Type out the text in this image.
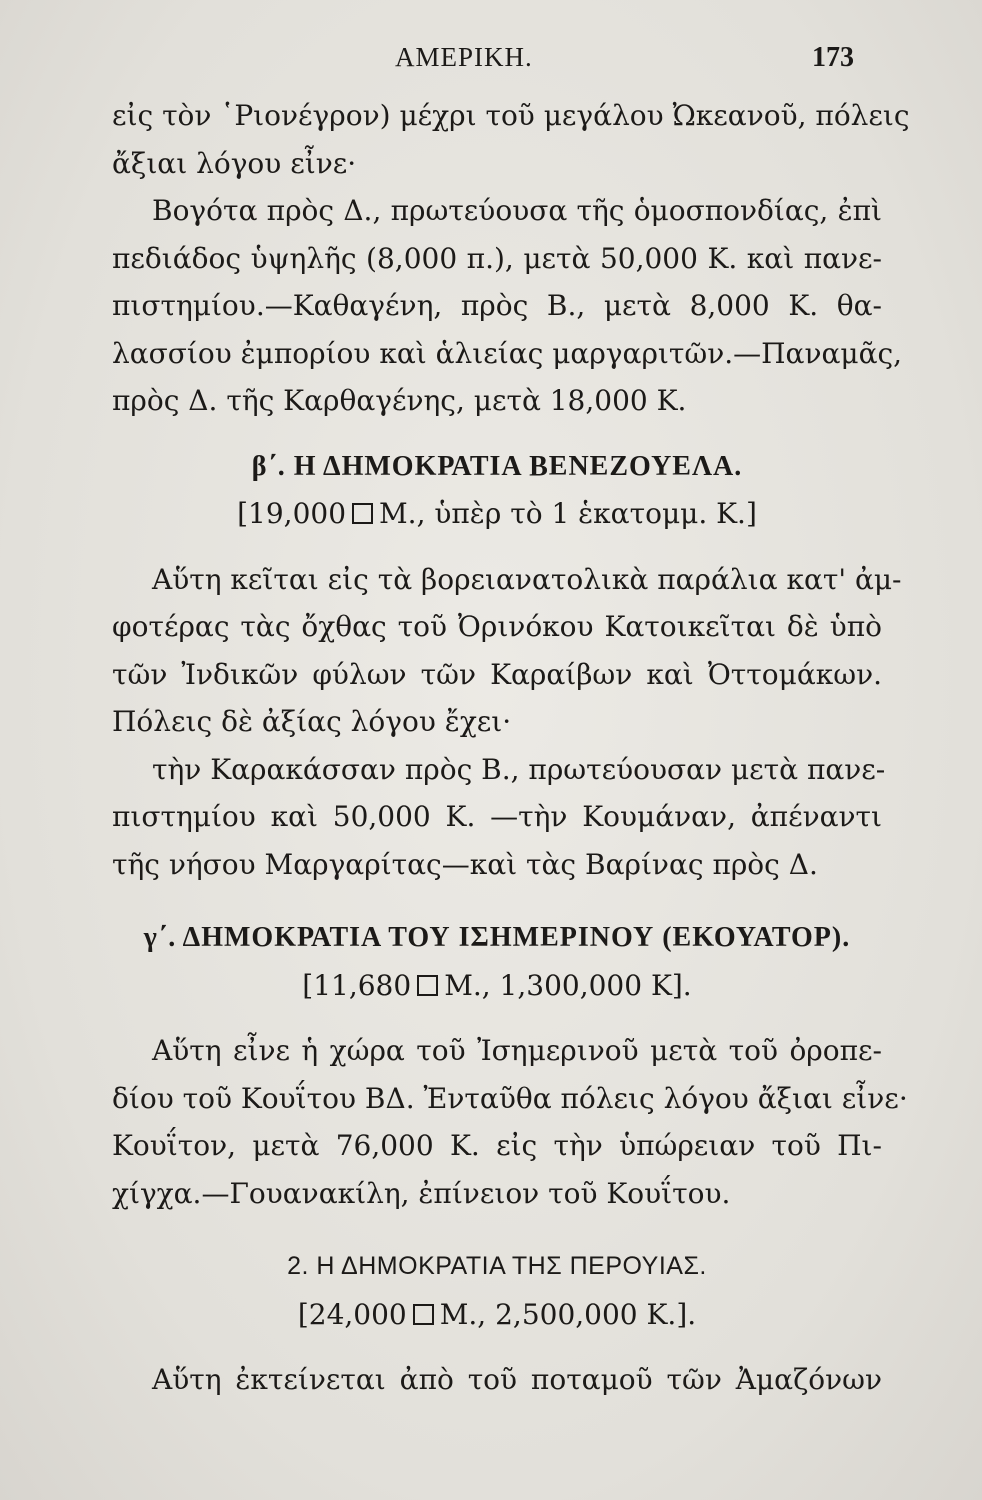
ΑΜΕΡΙΚΗ.	173
εἰς τὸν ῾Ριονέγρον) μέχρι τοῦ μεγάλου Ὠκεανοῦ, πόλεις
ἄξιαι λόγου εἶνε·
Βογότα πρὸς Δ., πρωτεύουσα τῆς ὁμοσπονδίας, ἐπὶ
πεδιάδος ὑψηλῆς (8,000 π.), μετὰ 50,000 Κ. καὶ πανε-
πιστημίου.—Καθαγένη, πρὸς Β., μετὰ 8,000 Κ. θα-
λασσίου ἐμπορίου καὶ ἁλιείας μαργαριτῶν.—Παναμᾶς,
πρὸς Δ. τῆς Καρθαγένης, μετὰ 18,000 Κ.
β΄. Η ΔΗΜΟΚΡΑΤΙΑ ΒΕΝΕΖΟΥΕΛΑ.
[19,000 Μ., ὑπὲρ τὸ 1 ἑκατομμ. Κ.]
Αὕτη κεῖται εἰς τὰ βορειανατολικὰ παράλια κατ' ἀμ-
φοτέρας τὰς ὄχθας τοῦ Ὀρινόκου Κατοικεῖται δὲ ὑπὸ
τῶν Ἰνδικῶν φύλων τῶν Καραίβων καὶ Ὀττομάκων.
Πόλεις δὲ ἀξίας λόγου ἔχει·
τὴν Καρακάσσαν πρὸς Β., πρωτεύουσαν μετὰ πανε-
πιστημίου καὶ 50,000 Κ. —τὴν Κουμάναν, ἀπέναντι
τῆς νήσου Μαργαρίτας—καὶ τὰς Βαρίνας πρὸς Δ.
γ΄. ΔΗΜΟΚΡΑΤΙΑ ΤΟΥ ΙΣΗΜΕΡΙΝΟΥ (ΕΚΟΥΑΤΟΡ).
[11,680 Μ., 1,300,000 Κ].
Αὕτη εἶνε ἡ χώρα τοῦ Ἰσημερινοῦ μετὰ τοῦ ὀροπε-
δίου τοῦ Κουΐτου ΒΔ. Ἐνταῦθα πόλεις λόγου ἄξιαι εἶνε·
Κουΐτον, μετὰ 76,000 Κ. εἰς τὴν ὑπώρειαν τοῦ Πι-
χίγχα.—Γουανακίλη, ἐπίνειον τοῦ Κουΐτου.
2. Η ΔΗΜΟΚΡΑΤΙΑ ΤΗΣ ΠΕΡΟΥΙΑΣ.
[24,000 Μ., 2,500,000 Κ.].
Αὕτη ἐκτείνεται ἀπὸ τοῦ ποταμοῦ τῶν Ἀμαζόνων
